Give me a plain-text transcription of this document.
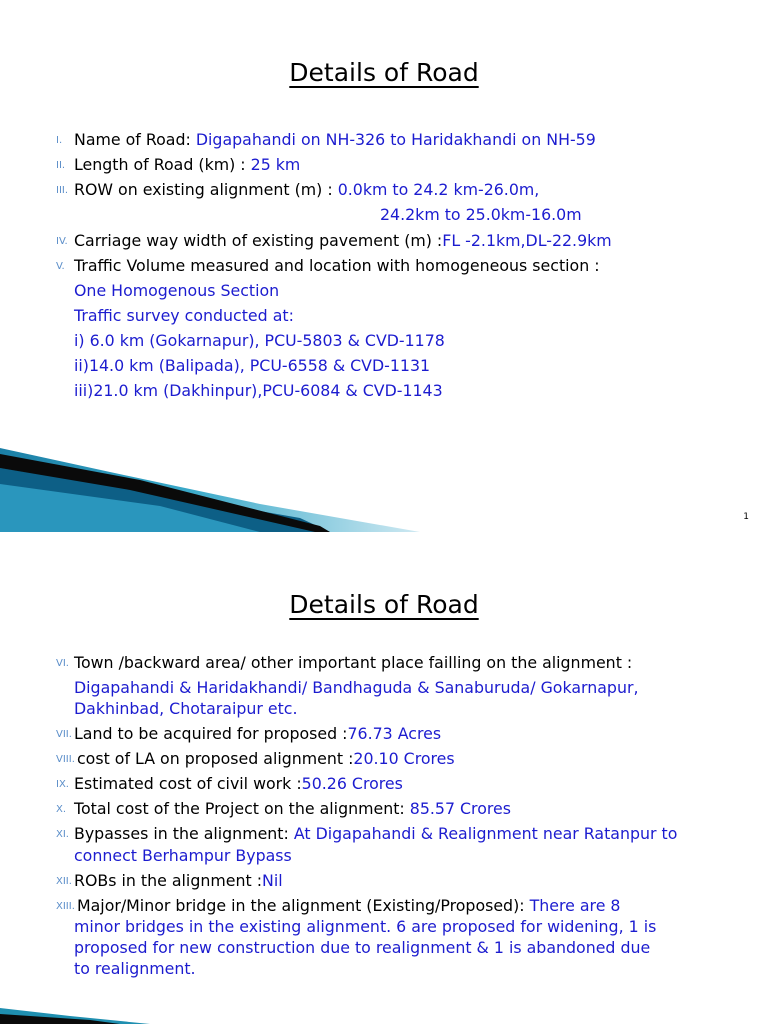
Details of Road
I. Name of Road: Digapahandi on NH-326 to Haridakhandi on NH-59
II. Length of Road (km) : 25 km
III. ROW on existing alignment (m) : 0.0km to 24.2 km-26.0m,
24.2km to 25.0km-16.0m
IV. Carriage way width of existing pavement (m) :FL -2.1km,DL-22.9km
V. Traffic Volume measured and location with homogeneous section :
One Homogenous Section
Traffic survey conducted at:
i) 6.0 km (Gokarnapur), PCU-5803 & CVD-1178
ii)14.0 km (Balipada), PCU-6558 & CVD-1131
iii)21.0 km (Dakhinpur),PCU-6084 & CVD-1143
1
Details of Road
VI. Town /backward area/ other important place failling on the alignment :
Digapahandi & Haridakhandi/ Bandhaguda & Sanaburuda/ Gokarnapur,
Dakhinbad, Chotaraipur etc.
VII. Land to be acquired for proposed :76.73 Acres
VIII. cost of LA on proposed alignment :20.10 Crores
IX. Estimated cost of civil work :50.26 Crores
X. Total cost of the Project on the alignment: 85.57 Crores
XI. Bypasses in the alignment: At Digapahandi & Realignment near Ratanpur to
connect Berhampur Bypass
XII. ROBs in the alignment :Nil
XIII. Major/Minor bridge in the alignment (Existing/Proposed): There are 8
minor bridges in the existing alignment. 6 are proposed for widening, 1 is
proposed for new construction due to realignment & 1 is abandoned due
to realignment.
